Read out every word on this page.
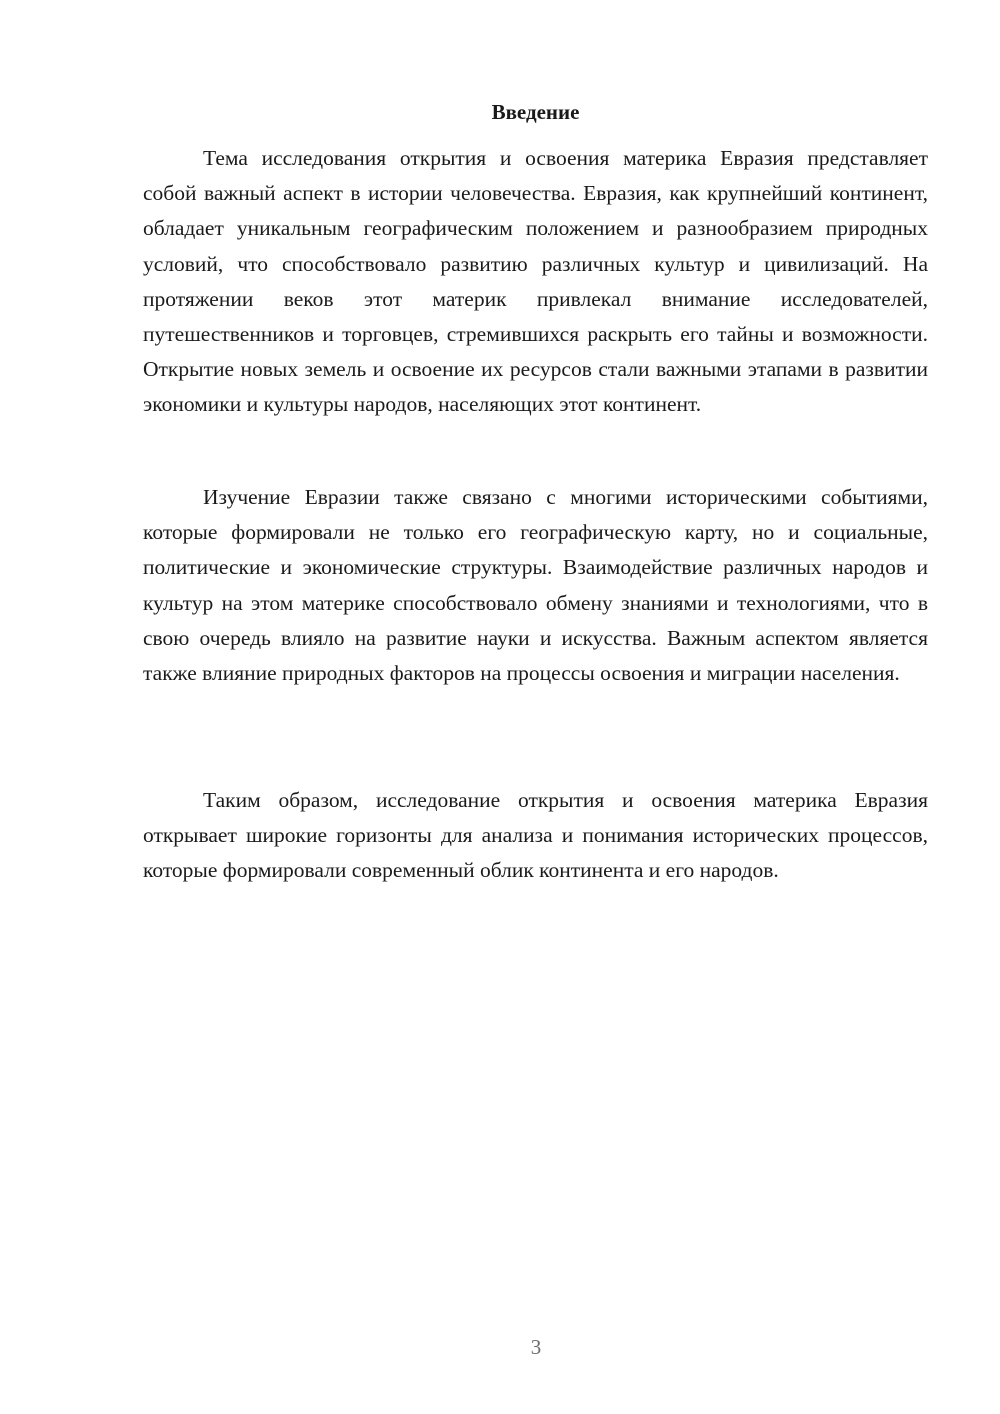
Введение

Тема исследования открытия и освоения материка Евразия представляет собой важный аспект в истории человечества. Евразия, как крупнейший континент, обладает уникальным географическим положением и разнообразием природных условий, что способствовало развитию различных культур и цивилизаций. На протяжении веков этот материк привлекал внимание исследователей, путешественников и торговцев, стремившихся раскрыть его тайны и возможности. Открытие новых земель и освоение их ресурсов стали важными этапами в развитии экономики и культуры народов, населяющих этот континент.

Изучение Евразии также связано с многими историческими событиями, которые формировали не только его географическую карту, но и социальные, политические и экономические структуры. Взаимодействие различных народов и культур на этом материке способствовало обмену знаниями и технологиями, что в свою очередь влияло на развитие науки и искусства. Важным аспектом является также влияние природных факторов на процессы освоения и миграции населения.

Таким образом, исследование открытия и освоения материка Евразия открывает широкие горизонты для анализа и понимания исторических процессов, которые формировали современный облик континента и его народов.

3
